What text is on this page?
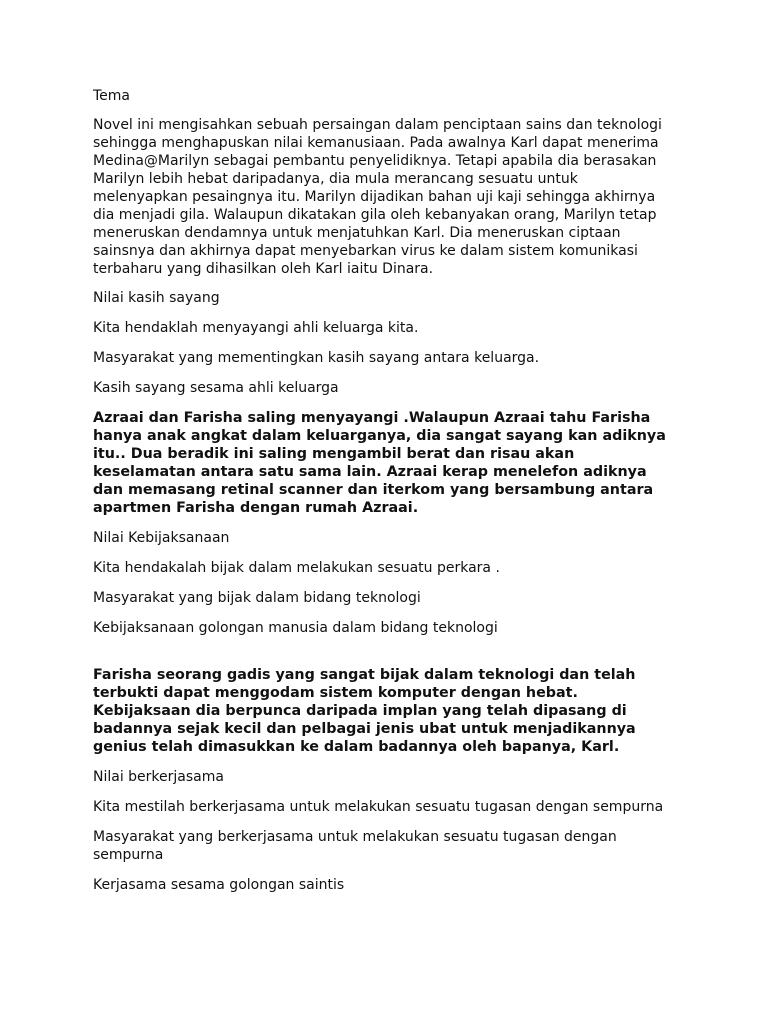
Tema

Novel ini mengisahkan sebuah persaingan dalam penciptaan sains dan teknologi
sehingga menghapuskan nilai kemanusiaan. Pada awalnya Karl dapat menerima
Medina@Marilyn sebagai pembantu penyelidiknya. Tetapi apabila dia berasakan
Marilyn lebih hebat daripadanya, dia mula merancang sesuatu untuk
melenyapkan pesaingnya itu. Marilyn dijadikan bahan uji kaji sehingga akhirnya
dia menjadi gila. Walaupun dikatakan gila oleh kebanyakan orang, Marilyn tetap
meneruskan dendamnya untuk menjatuhkan Karl. Dia meneruskan ciptaan
sainsnya dan akhirnya dapat menyebarkan virus ke dalam sistem komunikasi
terbaharu yang dihasilkan oleh Karl iaitu Dinara.

Nilai kasih sayang

Kita hendaklah menyayangi ahli keluarga kita.

Masyarakat yang mementingkan kasih sayang antara keluarga.

Kasih sayang sesama ahli keluarga

Azraai dan Farisha saling menyayangi .Walaupun Azraai tahu Farisha
hanya anak angkat dalam keluarganya, dia sangat sayang kan adiknya
itu.. Dua beradik ini saling mengambil berat dan risau akan
keselamatan antara satu sama lain. Azraai kerap menelefon adiknya
dan memasang retinal scanner dan iterkom yang bersambung antara
apartmen Farisha dengan rumah Azraai.

Nilai Kebijaksanaan

Kita hendakalah bijak dalam melakukan sesuatu perkara .

Masyarakat yang bijak dalam bidang teknologi

Kebijaksanaan golongan manusia dalam bidang teknologi

Farisha seorang gadis yang sangat bijak dalam teknologi dan telah
terbukti dapat menggodam sistem komputer dengan hebat.
Kebijaksaan dia berpunca daripada implan yang telah dipasang di
badannya sejak kecil dan pelbagai jenis ubat untuk menjadikannya
genius telah dimasukkan ke dalam badannya oleh bapanya, Karl.

Nilai berkerjasama

Kita mestilah berkerjasama untuk melakukan sesuatu tugasan dengan sempurna

Masyarakat yang berkerjasama untuk melakukan sesuatu tugasan dengan
sempurna

Kerjasama sesama golongan saintis
